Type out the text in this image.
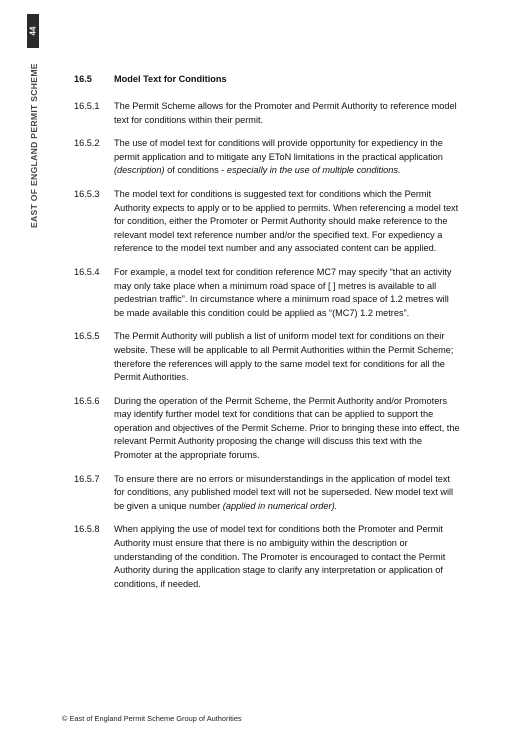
44
EAST OF ENGLAND PERMIT SCHEME	16.5	Model Text for Conditions
16.5.1	The Permit Scheme allows for the Promoter and Permit Authority to reference model text for conditions within their permit.
16.5.2	The use of model text for conditions will provide opportunity for expediency in the permit application and to mitigate any EToN limitations in the practical application (description) of conditions - especially in the use of multiple conditions.
16.5.3	The model text for conditions is suggested text for conditions which the Permit Authority expects to apply or to be applied to permits. When referencing a model text for condition, either the Promoter or Permit Authority should make reference to the relevant model text reference number and/or the specified text. For expediency a reference to the model text number and any associated content can be applied.
16.5.4	For example, a model text for condition reference MC7 may specify “that an activity may only take place when a minimum road space of [ ] metres is available to all pedestrian traffic”. In circumstance where a minimum road space of 1.2 metres will be made available this condition could be applied as “(MC7) 1.2 metres”.
16.5.5	The Permit Authority will publish a list of uniform model text for conditions on their website. These will be applicable to all Permit Authorities within the Permit Scheme; therefore the references will apply to the same model text for conditions for all the Permit Authorities.
16.5.6	During the operation of the Permit Scheme, the Permit Authority and/or Promoters may identify further model text for conditions that can be applied to support the operation and objectives of the Permit Scheme. Prior to bringing these into effect, the relevant Permit Authority proposing the change will discuss this text with the Promoter at the appropriate forums.
16.5.7	To ensure there are no errors or misunderstandings in the application of model text for conditions, any published model text will not be superseded. New model text will be given a unique number (applied in numerical order).
16.5.8	When applying the use of model text for conditions both the Promoter and Permit Authority must ensure that there is no ambiguity within the description or understanding of the condition. The Promoter is encouraged to contact the Permit Authority during the application stage to clarify any interpretation or application of conditions, if needed.
© East of England Permit Scheme Group of Authorities
